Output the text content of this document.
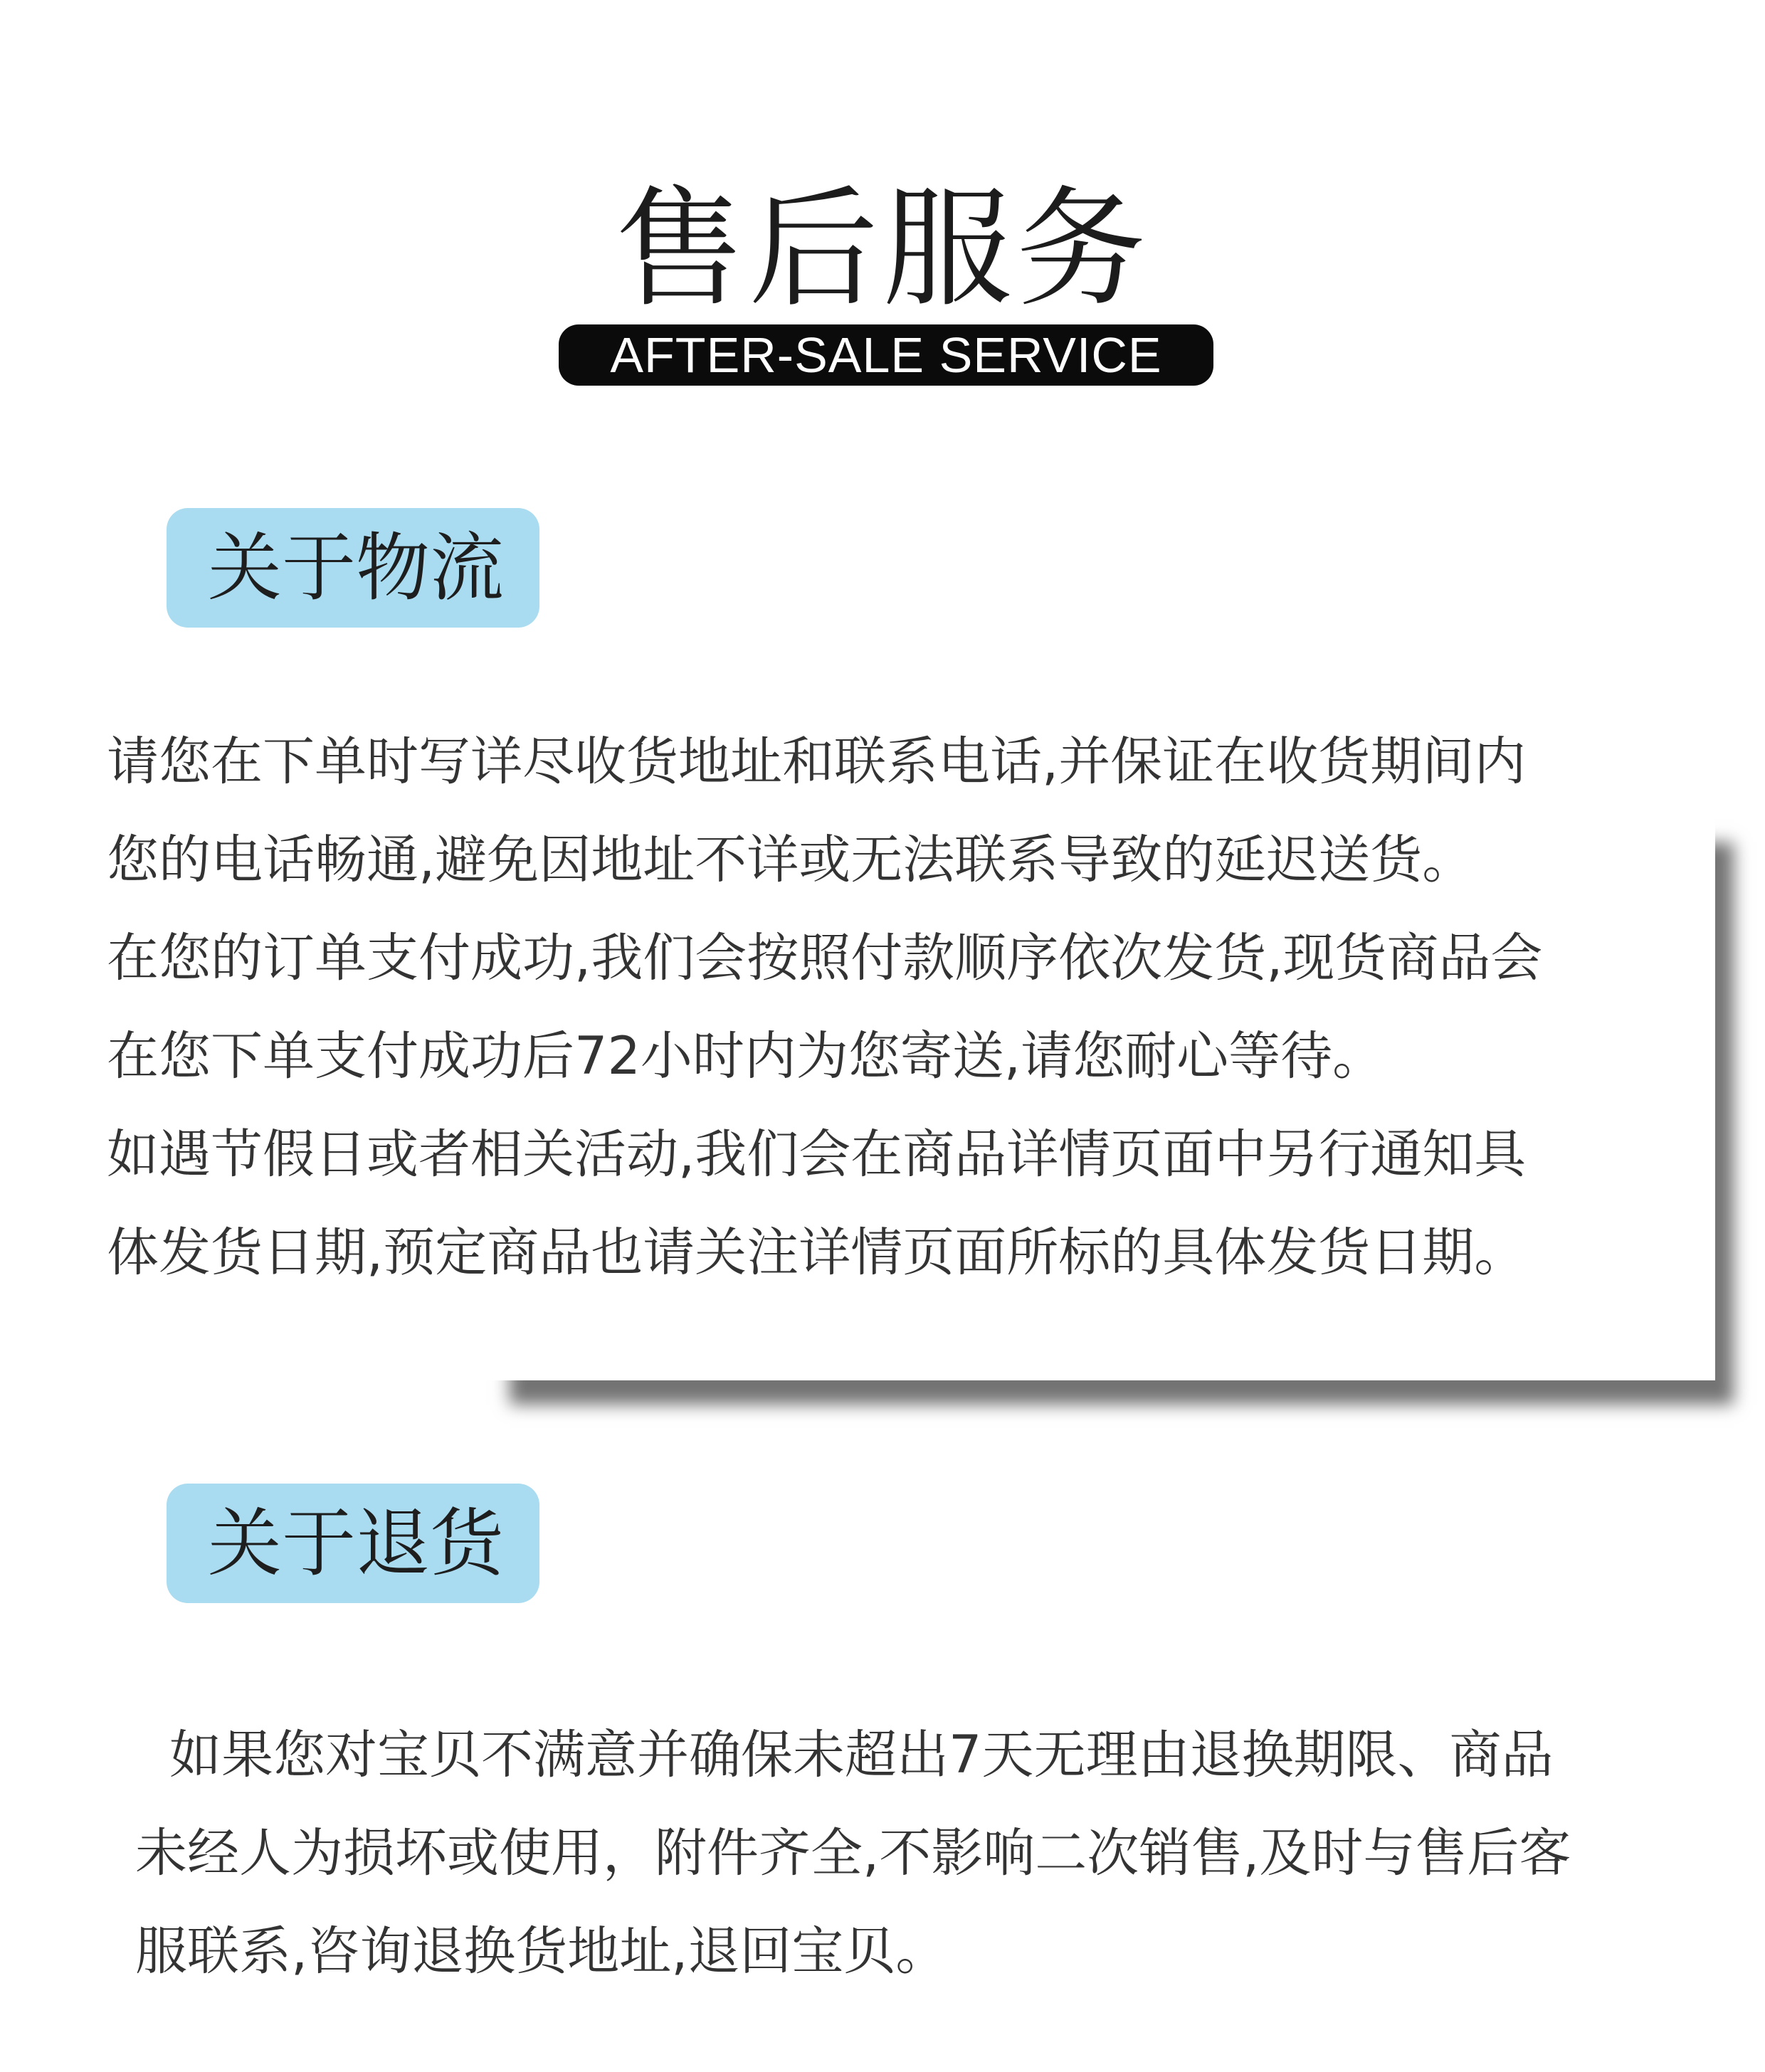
售后服务
AFTER-SALE SERVICE
关于物流
请您在下单时写详尽收货地址和联系电话,并保证在收货期间内
您的电话畅通,避免因地址不详或无法联系导致的延迟送货。
在您的订单支付成功,我们会按照付款顺序依次发货,现货商品会
在您下单支付成功后72小时内为您寄送,请您耐心等待。
如遇节假日或者相关活动,我们会在商品详情页面中另行通知具
体发货日期,预定商品也请关注详情页面所标的具体发货日期。
关于退货
如果您对宝贝不满意并确保未超出7天无理由退换期限、商品
未经人为损坏或使用，附件齐全,不影响二次销售,及时与售后客
服联系,咨询退换货地址,退回宝贝。
